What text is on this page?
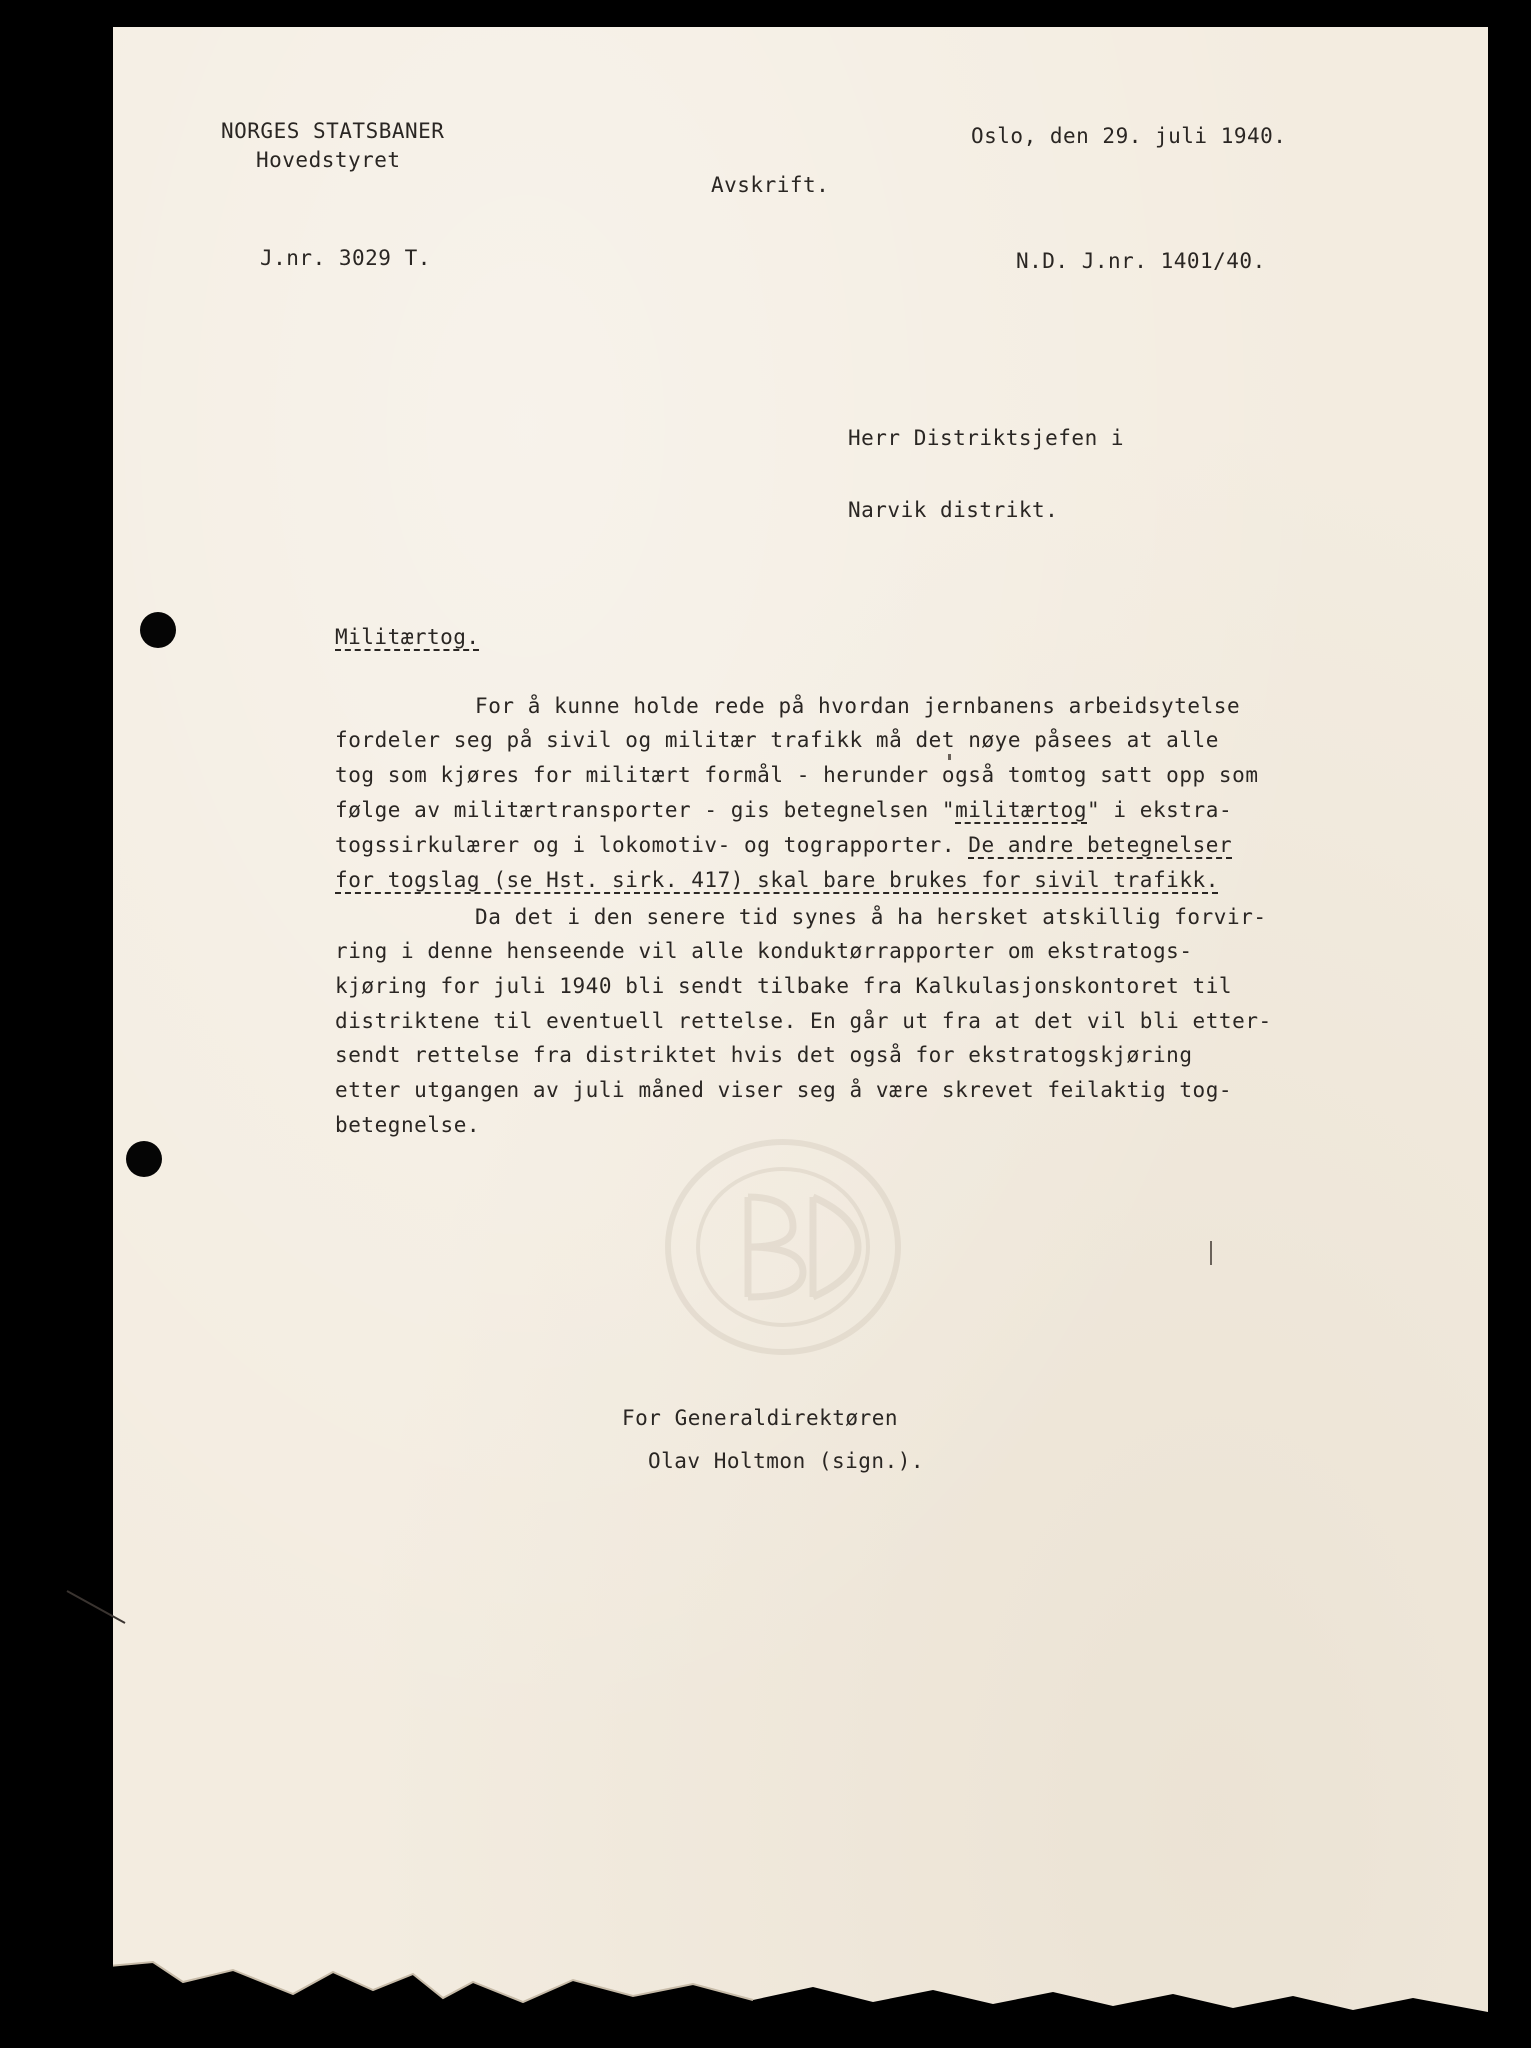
NORGES STATSBANER
Hovedstyret
Oslo, den 29. juli 1940.
Avskrift.
J.nr. 3029 T.	N.D. J.nr. 1401/40.
Herr Distriktsjefen i
Narvik distrikt.
Militærtog.
For å kunne holde rede på hvordan jernbanens arbeidsytelse
fordeler seg på sivil og militær trafikk må det nøye påsees at alle
tog som kjøres for militært formål - herunder også tomtog satt opp som
følge av militærtransporter - gis betegnelsen "militærtog" i ekstra-
togssirkulærer og i lokomotiv- og tograpporter. De andre betegnelser
for togslag (se Hst. sirk. 417) skal bare brukes for sivil trafikk.
Da det i den senere tid synes å ha hersket atskillig forvir-
ring i denne henseende vil alle konduktørrapporter om ekstratogs-
kjøring for juli 1940 bli sendt tilbake fra Kalkulasjonskontoret til
distriktene til eventuell rettelse. En går ut fra at det vil bli etter-
sendt rettelse fra distriktet hvis det også for ekstratogskjøring
etter utgangen av juli måned viser seg å være skrevet feilaktig tog-
betegnelse.
For Generaldirektøren
Olav Holtmon (sign.).
